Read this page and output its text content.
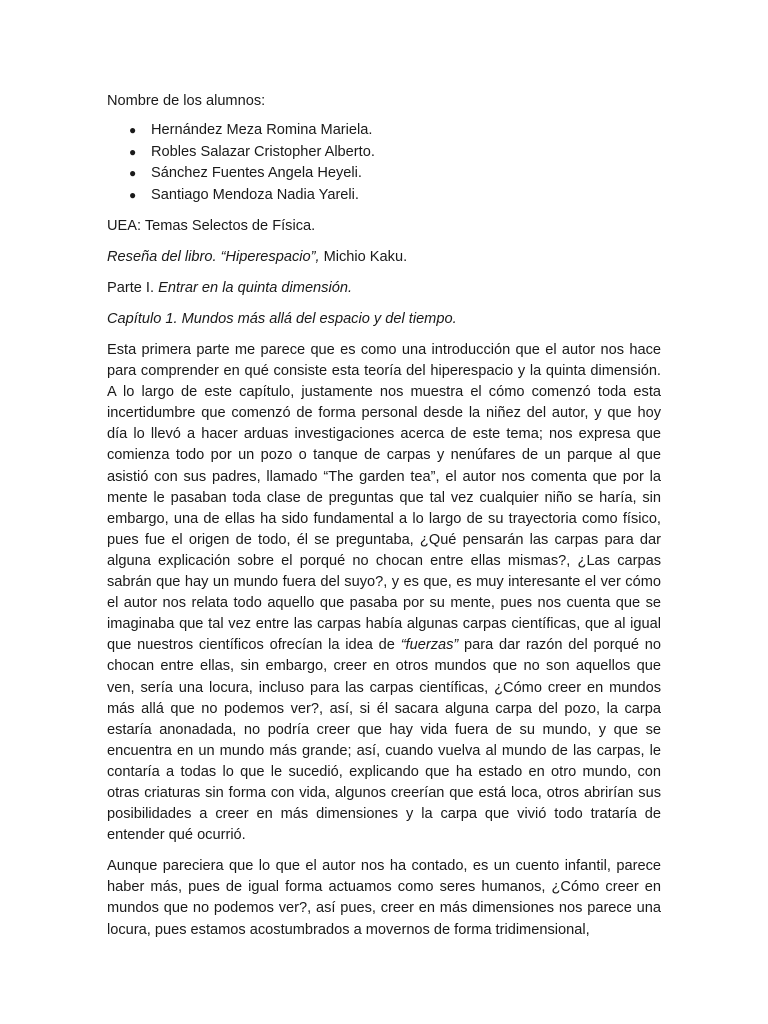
Nombre de los alumnos:

● Hernández Meza Romina Mariela.
● Robles Salazar Cristopher Alberto.
● Sánchez Fuentes Angela Heyeli.
● Santiago Mendoza Nadia Yareli.

UEA: Temas Selectos de Física.

Reseña del libro. “Hiperespacio”, Michio Kaku.

Parte I. Entrar en la quinta dimensión.

Capítulo 1. Mundos más allá del espacio y del tiempo.

Esta primera parte me parece que es como una introducción que el autor nos hace para comprender en qué consiste esta teoría del hiperespacio y la quinta dimensión. A lo largo de este capítulo, justamente nos muestra el cómo comenzó toda esta incertidumbre que comenzó de forma personal desde la niñez del autor, y que hoy día lo llevó a hacer arduas investigaciones acerca de este tema; nos expresa que comienza todo por un pozo o tanque de carpas y nenúfares de un parque al que asistió con sus padres, llamado “The garden tea”, el autor nos comenta que por la mente le pasaban toda clase de preguntas que tal vez cualquier niño se haría, sin embargo, una de ellas ha sido fundamental a lo largo de su trayectoria como físico, pues fue el origen de todo, él se preguntaba, ¿Qué pensarán las carpas para dar alguna explicación sobre el porqué no chocan entre ellas mismas?, ¿Las carpas sabrán que hay un mundo fuera del suyo?, y es que, es muy interesante el ver cómo el autor nos relata todo aquello que pasaba por su mente, pues nos cuenta que se imaginaba que tal vez entre las carpas había algunas carpas científicas, que al igual que nuestros científicos ofrecían la idea de “fuerzas” para dar razón del porqué no chocan entre ellas, sin embargo, creer en otros mundos que no son aquellos que ven, sería una locura, incluso para las carpas científicas, ¿Cómo creer en mundos más allá que no podemos ver?, así, si él sacara alguna carpa del pozo, la carpa estaría anonadada, no podría creer que hay vida fuera de su mundo, y que se encuentra en un mundo más grande; así, cuando vuelva al mundo de las carpas, le contaría a todas lo que le sucedió, explicando que ha estado en otro mundo, con otras criaturas sin forma con vida, algunos creerían que está loca, otros abrirían sus posibilidades a creer en más dimensiones y la carpa que vivió todo trataría de entender qué ocurrió.

Aunque pareciera que lo que el autor nos ha contado, es un cuento infantil, parece haber más, pues de igual forma actuamos como seres humanos, ¿Cómo creer en mundos que no podemos ver?, así pues, creer en más dimensiones nos parece una locura, pues estamos acostumbrados a movernos de forma tridimensional,
